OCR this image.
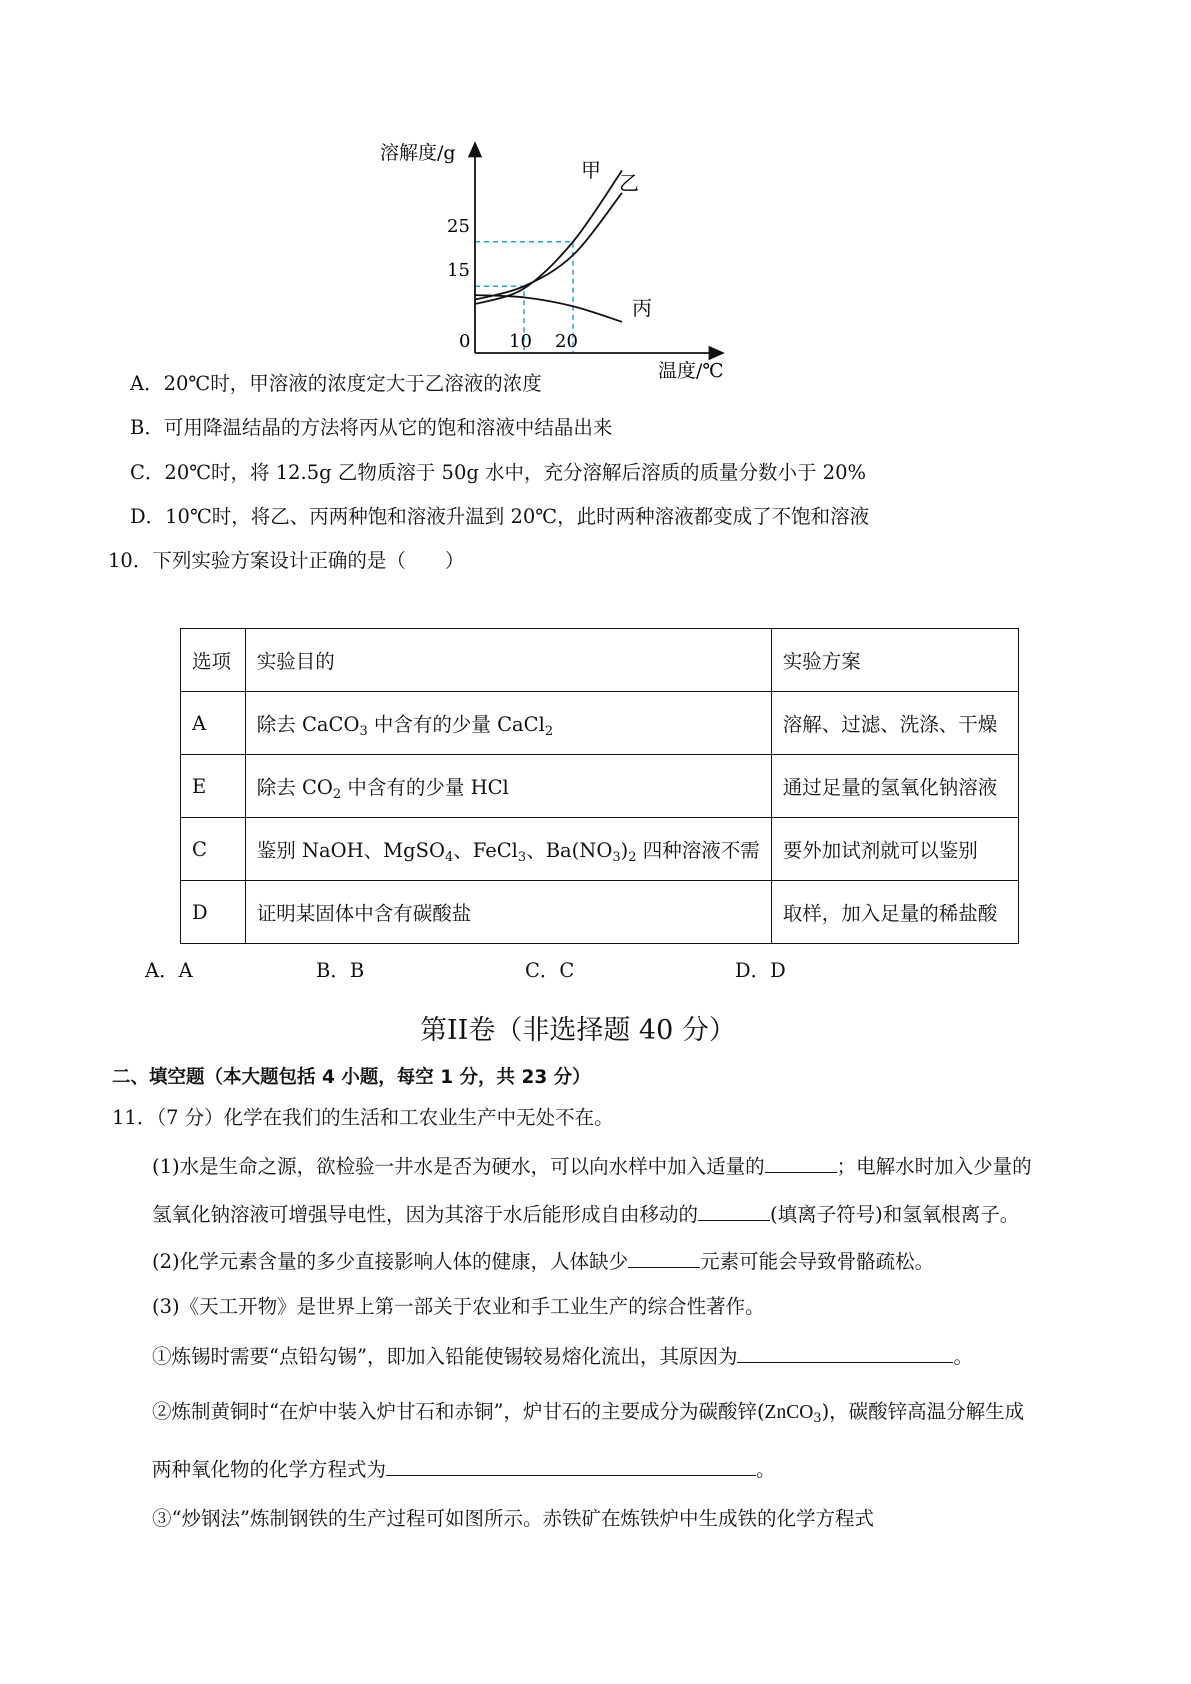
溶解度/g
温度/℃
0 10 20
15
25
甲
乙
丙
A．20℃时，甲溶液的浓度定大于乙溶液的浓度
B．可用降温结晶的方法将丙从它的饱和溶液中结晶出来
C．20℃时，将 12.5g 乙物质溶于 50g 水中，充分溶解后溶质的质量分数小于 20%
D．10℃时，将乙、丙两种饱和溶液升温到 20℃，此时两种溶液都变成了不饱和溶液
10．下列实验方案设计正确的是（　　）
选项	实验目的	实验方案
A	除去 CaCO$_3$ 中含有的少量 CaCl$_2$	溶解、过滤、洗涤、干燥
E	除去 $CO_2$ 中含有的少量 HCl	通过足量的氢氧化钠溶液
C	鉴别 NaOH、MgSO$_4$、FeCl$_3$、$Ba(NO_3)_2$ 四种溶液不需	要外加试剂就可以鉴别
D	证明某固体中含有碳酸盐	取样，加入足量的稀盐酸
A．A	B．B	C．C	D．D
第II卷（非选择题 40 分）
二、填空题（本大题包括 4 小题，每空 1 分，共 23 分）
11．（7 分）化学在我们的生活和工农业生产中无处不在。
(1)水是生命之源，欲检验一井水是否为硬水，可以向水样中加入适量的	；电解水时加入少量的
氢氧化钠溶液可增强导电性，因为其溶于水后能形成自由移动的	(填离子符号)和氢氧根离子。
(2)化学元素含量的多少直接影响人体的健康，人体缺少	元素可能会导致骨骼疏松。
(3)《天工开物》是世界上第一部关于农业和手工业生产的综合性著作。
①炼锡时需要“点铅勾锡”，即加入铅能使锡较易熔化流出，其原因为	。
②炼制黄铜时“在炉中装入炉甘石和赤铜”，炉甘石的主要成分为碳酸锌(ZnCO$_3$)，碳酸锌高温分解生成
两种氧化物的化学方程式为	。
③“炒钢法”炼制钢铁的生产过程可如图所示。赤铁矿在炼铁炉中生成铁的化学方程式
